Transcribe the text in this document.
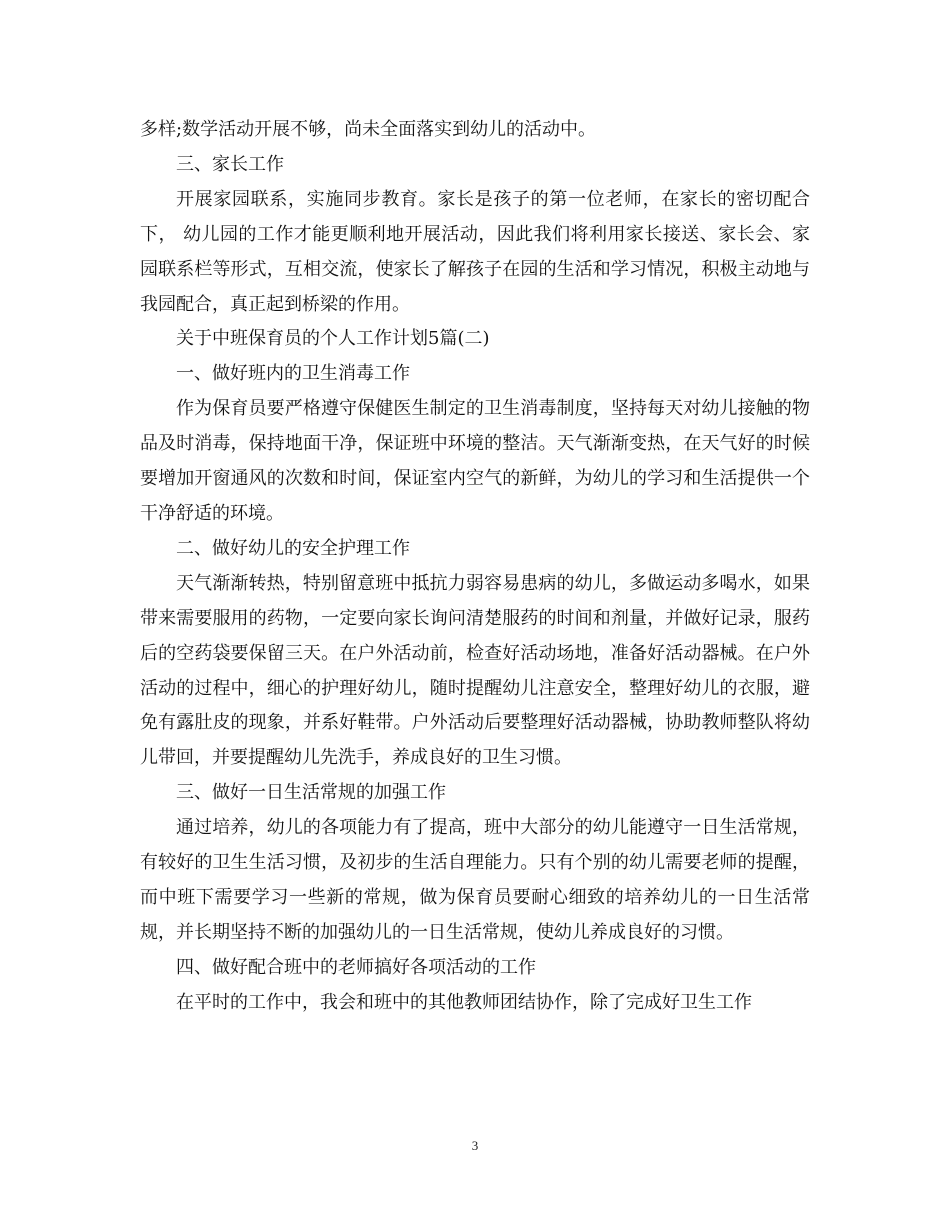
多样;数学活动开展不够，尚未全面落实到幼儿的活动中。

三、家长工作

开展家园联系，实施同步教育。家长是孩子的第一位老师，在家长的密切配合下， 幼儿园的工作才能更顺利地开展活动，因此我们将利用家长接送、家长会、家园联系栏等形式，互相交流，使家长了解孩子在园的生活和学习情况，积极主动地与我园配合，真正起到桥梁的作用。

关于中班保育员的个人工作计划5篇(二)

一、做好班内的卫生消毒工作

作为保育员要严格遵守保健医生制定的卫生消毒制度，坚持每天对幼儿接触的物品及时消毒，保持地面干净，保证班中环境的整洁。天气渐渐变热，在天气好的时候要增加开窗通风的次数和时间，保证室内空气的新鲜，为幼儿的学习和生活提供一个干净舒适的环境。

二、做好幼儿的安全护理工作

天气渐渐转热，特别留意班中抵抗力弱容易患病的幼儿，多做运动多喝水，如果带来需要服用的药物，一定要向家长询问清楚服药的时间和剂量，并做好记录，服药后的空药袋要保留三天。在户外活动前，检查好活动场地，准备好活动器械。在户外活动的过程中，细心的护理好幼儿，随时提醒幼儿注意安全，整理好幼儿的衣服，避免有露肚皮的现象，并系好鞋带。户外活动后要整理好活动器械，协助教师整队将幼儿带回，并要提醒幼儿先洗手，养成良好的卫生习惯。

三、做好一日生活常规的加强工作

通过培养，幼儿的各项能力有了提高，班中大部分的幼儿能遵守一日生活常规，有较好的卫生生活习惯，及初步的生活自理能力。只有个别的幼儿需要老师的提醒，而中班下需要学习一些新的常规，做为保育员要耐心细致的培养幼儿的一日生活常规，并长期坚持不断的加强幼儿的一日生活常规，使幼儿养成良好的习惯。

四、做好配合班中的老师搞好各项活动的工作

在平时的工作中，我会和班中的其他教师团结协作，除了完成好卫生工作

3
